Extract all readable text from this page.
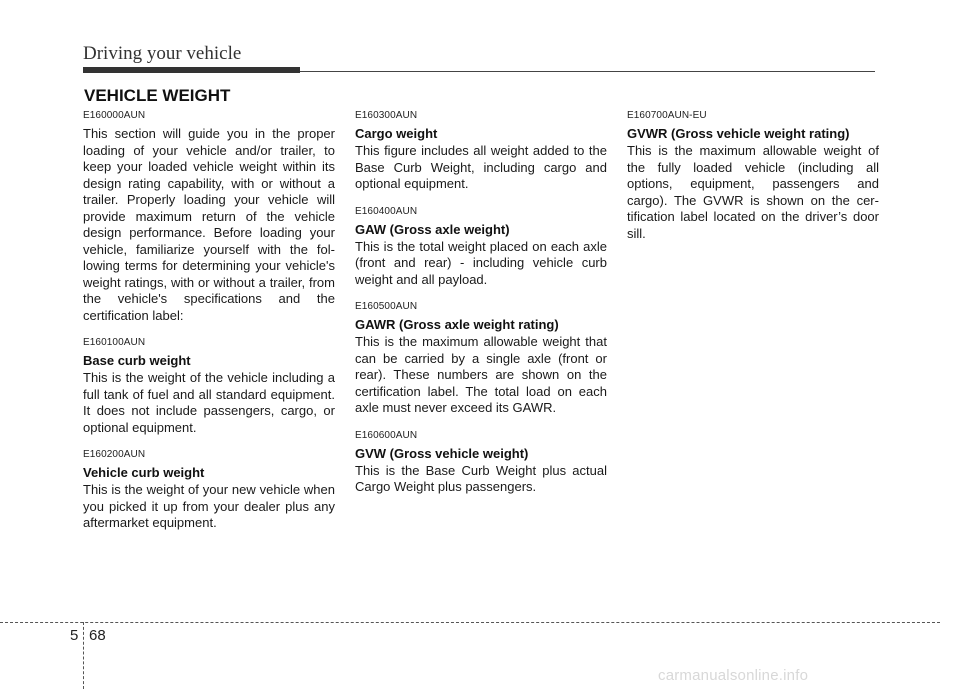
Driving your vehicle
VEHICLE WEIGHT
E160000AUN

This section will guide you in the proper loading of your vehicle and/or trailer, to keep your loaded vehicle weight within its design rating capability, with or without a trailer. Properly loading your vehicle will provide maximum return of the vehicle design performance. Before loading your vehicle, familiarize yourself with the following terms for determining your vehicle's weight ratings, with or without a trailer, from the vehicle's specifications and the certification label:

E160100AUN
Base curb weight

This is the weight of the vehicle including a full tank of fuel and all standard equipment. It does not include passengers, cargo, or optional equipment.

E160200AUN
Vehicle curb weight

This is the weight of your new vehicle when you picked it up from your dealer plus any aftermarket equipment.

E160300AUN
Cargo weight

This figure includes all weight added to the Base Curb Weight, including cargo and optional equipment.

E160400AUN
GAW (Gross axle weight)

This is the total weight placed on each axle (front and rear) - including vehicle curb weight and all payload.

E160500AUN
GAWR (Gross axle weight rating)

This is the maximum allowable weight that can be carried by a single axle (front or rear). These numbers are shown on the certification label. The total load on each axle must never exceed its GAWR.

E160600AUN
GVW (Gross vehicle weight)

This is the Base Curb Weight plus actual Cargo Weight plus passengers.

E160700AUN-EU
GVWR (Gross vehicle weight rating)

This is the maximum allowable weight of the fully loaded vehicle (including all options, equipment, passengers and cargo). The GVWR is shown on the certification label located on the driver’s door sill.

5 68
carmanualsonline.info
